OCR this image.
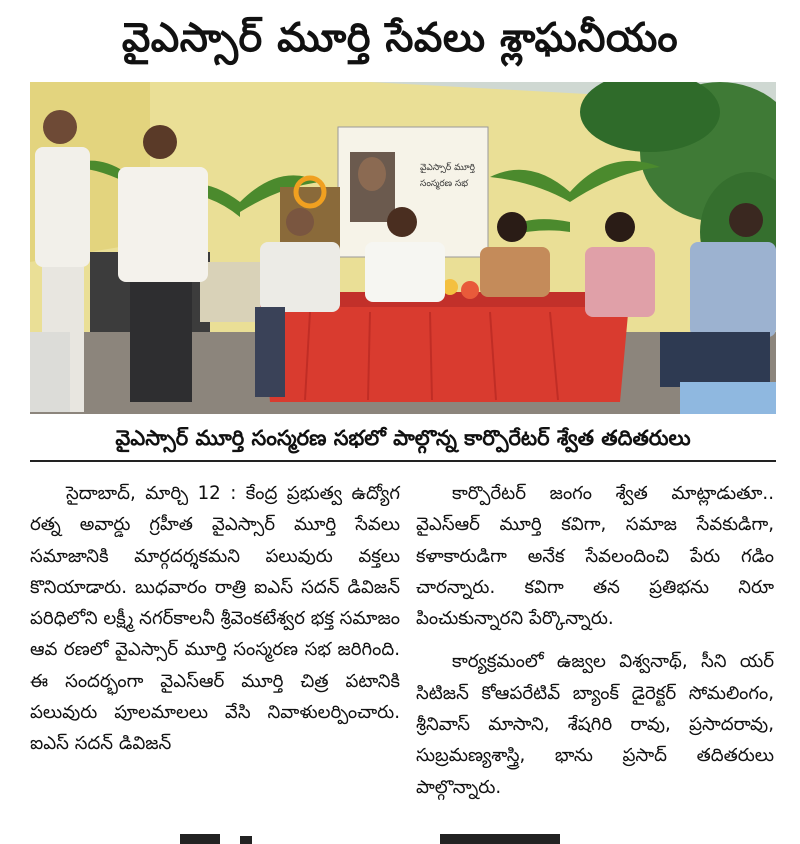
వైఎస్సార్ మూర్తి సేవలు శ్లాఘనీయం
వైఎస్సార్ మూర్తి
సంస్మరణ సభ
వైఎస్సార్ మూర్తి సంస్మరణ సభలో పాల్గొన్న కార్పొరేటర్ శ్వేత తదితరులు

సైదాబాద్, మార్చి 12 : కేంద్ర ప్రభుత్వ ఉద్యోగ రత్న అవార్డు గ్రహీత వైఎస్సార్ మూర్తి సేవలు సమాజానికి మార్గదర్శకమని పలువురు వక్తలు కొనియాడారు. బుధవారం రాత్రి ఐఎస్ సదన్ డివిజన్ పరిధిలోని లక్ష్మీ నగర్‌కాలనీ శ్రీవెంకటేశ్వర భక్త సమాజం ఆవ రణలో వైఎస్సార్ మూర్తి సంస్మరణ సభ జరిగింది. ఈ సందర్భంగా వైఎస్ఆర్ మూర్తి చిత్ర పటానికి పలువురు పూలమాలలు వేసి నివాళులర్పించారు. ఐఎస్ సదన్ డివిజన్

కార్పొరేటర్ జంగం శ్వేత మాట్లాడుతూ.. వైఎస్ఆర్ మూర్తి కవిగా, సమాజ సేవకుడిగా, కళాకారుడిగా అనేక సేవలందించి పేరు గడిం చారన్నారు. కవిగా తన ప్రతిభను నిరూ పించుకున్నారని పేర్కొన్నారు.

కార్యక్రమంలో ఉజ్వల విశ్వనాథ్, సీని యర్ సిటిజన్ కోఆపరేటివ్ బ్యాంక్ డైరెక్టర్ సోమలింగం, శ్రీనివాస్ మాసాని, శేషగిరి రావు, ప్రసాదరావు, సుబ్రమణ్యశాస్త్రి, భాను ప్రసాద్ తదితరులు పాల్గొన్నారు.
